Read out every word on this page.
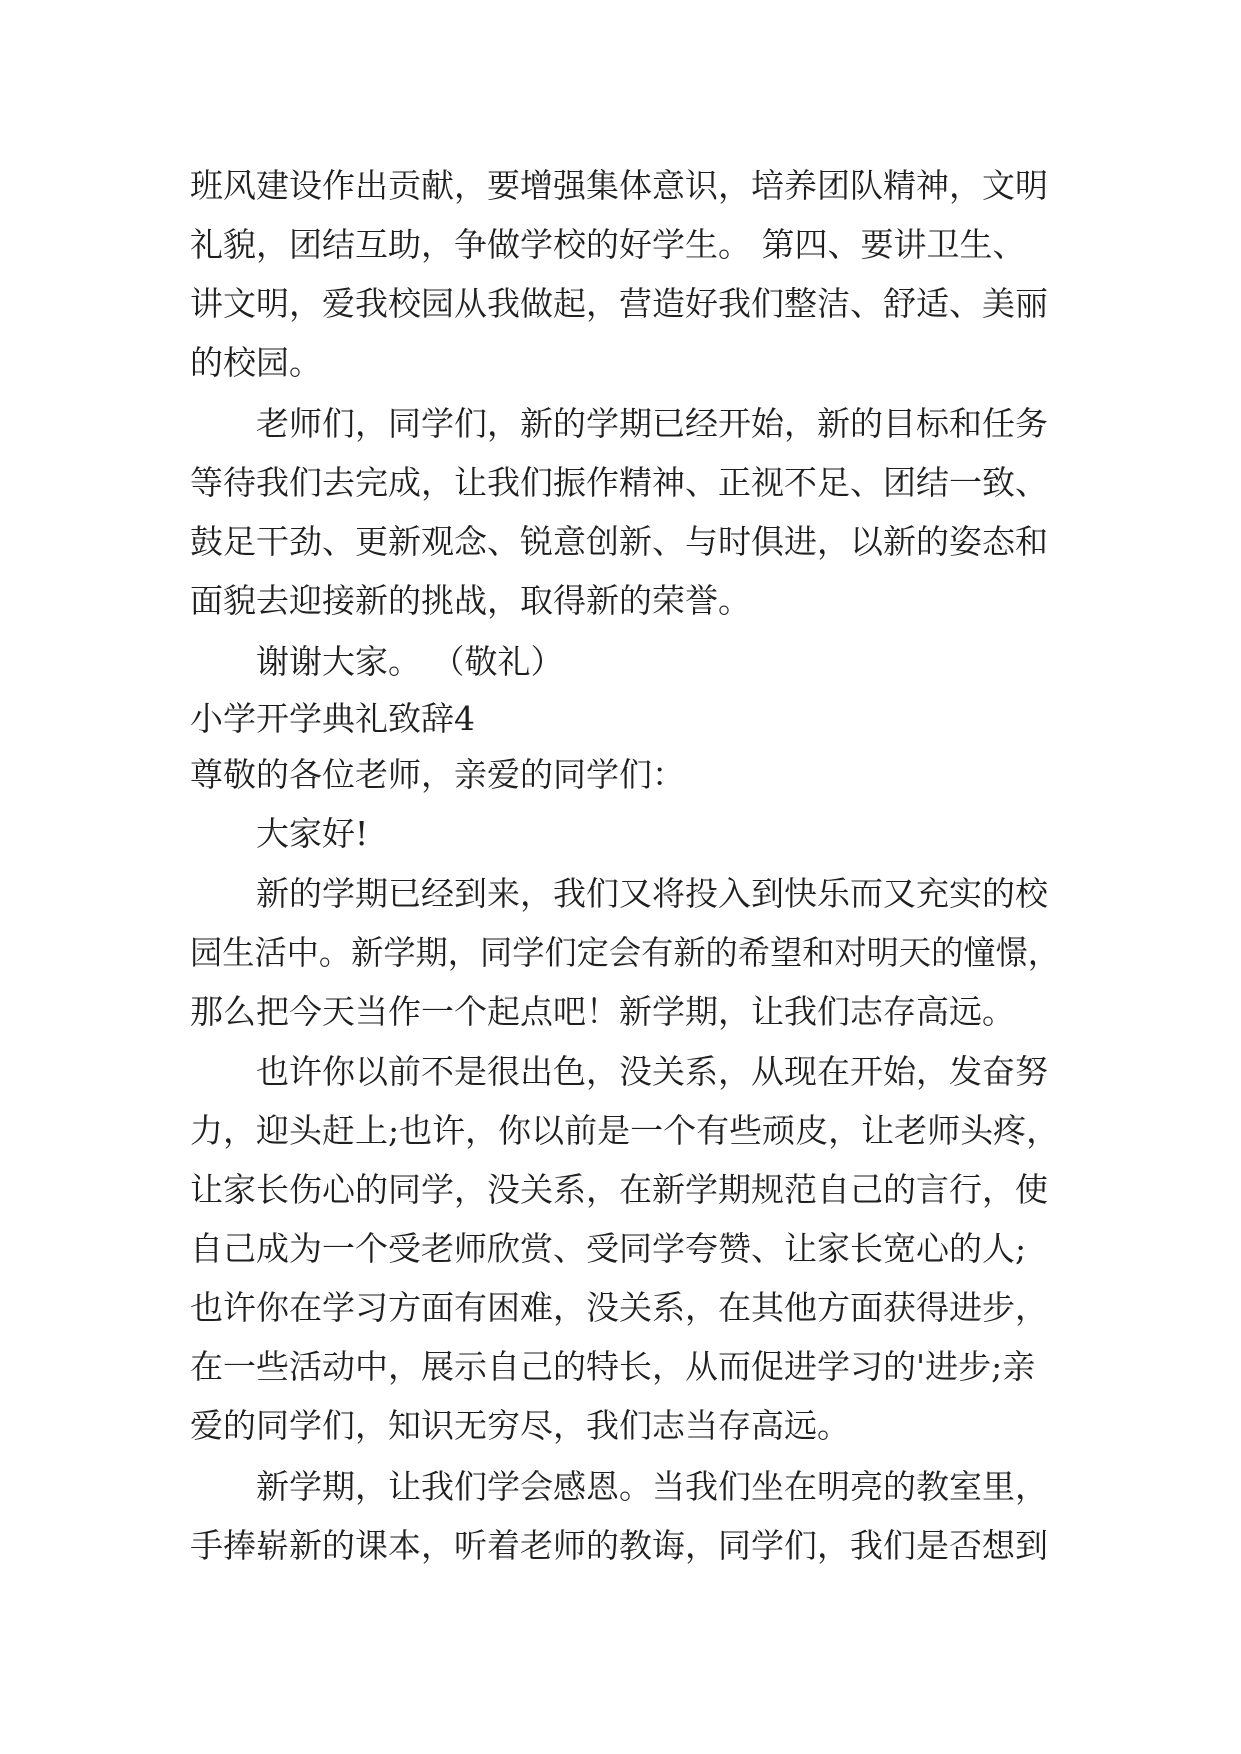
班风建设作出贡献，要增强集体意识，培养团队精神，文明
礼貌，团结互助，争做学校的好学生。 第四、要讲卫生、
讲文明，爱我校园从我做起，营造好我们整洁、舒适、美丽
的校园。
老师们，同学们，新的学期已经开始，新的目标和任务
等待我们去完成，让我们振作精神、正视不足、团结一致、
鼓足干劲、更新观念、锐意创新、与时俱进，以新的姿态和
面貌去迎接新的挑战，取得新的荣誉。
谢谢大家。 （敬礼）
小学开学典礼致辞4
尊敬的各位老师，亲爱的同学们：
大家好!
新的学期已经到来，我们又将投入到快乐而又充实的校
园生活中。新学期，同学们定会有新的希望和对明天的憧憬，
那么把今天当作一个起点吧！新学期，让我们志存高远。
也许你以前不是很出色，没关系，从现在开始，发奋努
力，迎头赶上;也许，你以前是一个有些顽皮，让老师头疼，
让家长伤心的同学，没关系，在新学期规范自己的言行，使
自己成为一个受老师欣赏、受同学夸赞、让家长宽心的人;
也许你在学习方面有困难，没关系，在其他方面获得进步，
在一些活动中，展示自己的特长，从而促进学习的'进步;亲
爱的同学们，知识无穷尽，我们志当存高远。
新学期，让我们学会感恩。当我们坐在明亮的教室里，
手捧崭新的课本，听着老师的教诲，同学们，我们是否想到
